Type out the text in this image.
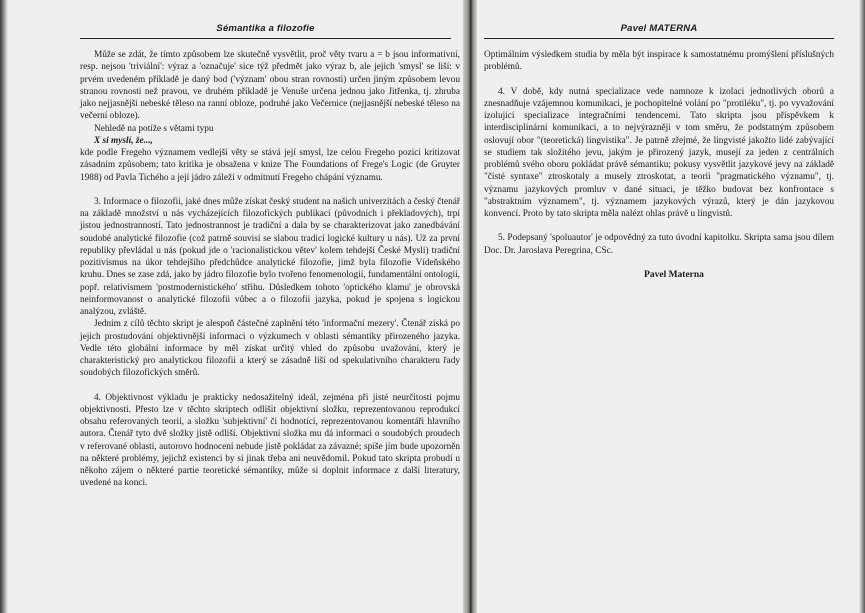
Sémantika a filozofie

Může se zdát, že tímto způsobem lze skutečně vysvětlit, proč věty tvaru a = b jsou informativní, resp. nejsou 'triviální': výraz a 'označuje' sice týž předmět jako výraz b, ale jejich 'smysl' se liší: v prvém uvedeném příkladě je daný bod ('význam' obou stran rovnosti) určen jiným způsobem levou stranou rovnosti než pravou, ve druhém příkladě je Venuše určena jednou jako Jitřenka, tj. zhruba jako nejjasnější nebeské těleso na ranní obloze, podruhé jako Večernice (nejjasnější nebeské těleso na večerní obloze).

Nehledě na potíže s větami typu

X si myslí, že...,

kde podle Fregeho významem vedlejší věty se stává její smysl, lze celou Fregeho pozici kritizovat zásadním způsobem; tato kritika je obsažena v knize The Foundations of Frege's Logic (de Gruyter 1988) od Pavla Tichého a její jádro záleží v odmítnutí Fregeho chápání významu.

3. Informace o filozofii, jaké dnes může získat český student na našich univerzitách a český čtenář na základě množství u nás vycházejících filozofických publikací (původních i překladových), trpí jistou jednostranností. Tato jednostrannost je tradiční a dala by se charakterizovat jako zanedbávání soudobé analytické filozofie (což patrně souvisí se slabou tradicí logické kultury u nás). Už za první republiky převládal u nás (pokud jde o 'racionalistickou větev' kolem tehdejší České Mysli) tradiční pozitivismus na úkor tehdejšího předchůdce analytické filozofie, jímž byla filozofie Vídeňského kruhu. Dnes se zase zdá, jako by jádro filozofie bylo tvořeno fenomenologií, fundamentální ontologií, popř. relativismem 'postmodernistického' střihu. Důsledkem tohoto 'optického klamu' je obrovská neinformovanost o analytické filozofii vůbec a o filozofii jazyka, pokud je spojena s logickou analýzou, zvláště.

Jedním z cílů těchto skript je alespoň částečné zaplnění této 'informační mezery'. Čtenář získá po jejich prostudování objektivnější informaci o výzkumech v oblasti sémantiky přirozeného jazyka. Vedle této globální informace by měl získat určitý vhled do způsobu uvažování, který je charakteristický pro analytickou filozofii a který se zásadně liší od spekulativního charakteru řady soudobých filozofických směrů.

4. Objektivnost výkladu je prakticky nedosažitelný ideál, zejména při jisté neurčitosti pojmu objektivnosti. Přesto lze v těchto skriptech odlišit objektivní složku, reprezentovanou reprodukcí obsahu referovaných teorií, a složku 'subjektivní' či hodnotící, reprezentovanou komentáři hlavního autora. Čtenář tyto dvě složky jistě odliší. Objektivní složka mu dá informaci o soudobých proudech v referované oblasti, autorovo hodnocení nebude jistě pokládat za závazné; spíše jím bude upozorněn na některé problémy, jejichž existenci by si jinak třeba ani neuvědomil. Pokud tato skripta probudí u někoho zájem o některé partie teoretické sémantiky, může si doplnit informace z další literatury, uvedené na konci.

Pavel MATERNA

Optimálním výsledkem studia by měla být inspirace k samostatnému promýšlení příslušných problémů.

4. V době, kdy nutná specializace vede namnoze k izolaci jednotlivých oborů a znesnadňuje vzájemnou komunikaci, je pochopitelné volání po "protiléku", tj. po vyvažování izolující specializace integračními tendencemi. Tato skripta jsou příspěvkem k interdisciplinární komunikaci, a to nejvýrazněji v tom směru, že podstatným způsobem oslovují obor "(teoretická) lingvistika". Je patrně zřejmé, že lingvisté jakožto lidé zabývající se studiem tak složitého jevu, jakým je přirozený jazyk, musejí za jeden z centrálních problémů svého oboru pokládat právě sémantiku; pokusy vysvětlit jazykové jevy na základě "čisté syntaxe" ztroskotaly a musely ztroskotat, a teorii "pragmatického významu", tj. významu jazykových promluv v dané situaci, je těžko budovat bez konfrontace s "abstraktním významem", tj. významem jazykových výrazů, který je dán jazykovou konvencí. Proto by tato skripta měla nalézt ohlas právě u lingvistů.

5. Podepsaný 'spoluautor' je odpovědný za tuto úvodní kapitolku. Skripta sama jsou dílem Doc. Dr. Jaroslava Peregrina, CSc.

Pavel Materna
